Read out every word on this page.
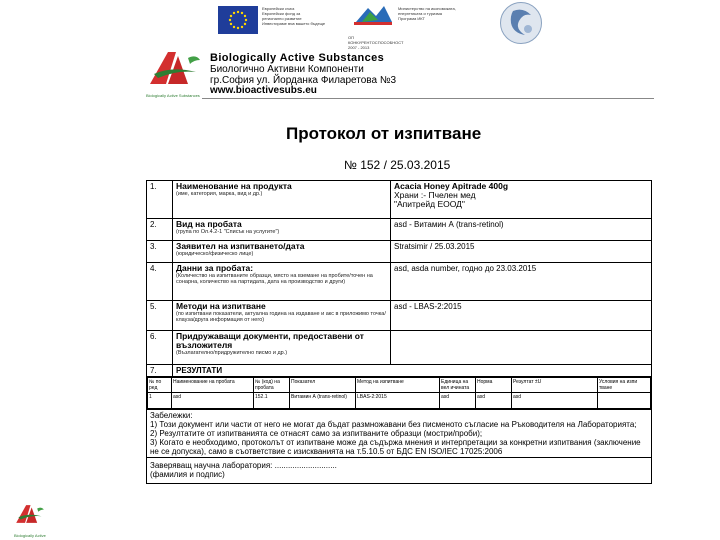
Европейски съюз
Европейски фонд за
регионално развитие
Инвестираме във вашето бъдеще
ОП КОНКУРЕНТОСПОСОБНОСТ
2007 - 2013
Министерство на икономиката,
енергетиката и туризма
Програма ИКТ
Biologically Active Substances
Biologically Active Substances
Биологично Активни Компоненти
гр.София ул. Йорданка Филаретова №3
www.bioactivesubs.eu
Протокол от изпитване
№ 152 / 25.03.2015
1.	Наименование на продукта
(име, категория, марка, вид и др.)

Acacia Honey Apitrade 400g
Храни :- Пчелен мед
"Апитрейд ЕООД"

2.	Вид на пробата
(група по Ол.4.2-1 "Списък на услугите")
	asd - Витамин А (trans-retinol)
3.	Заявител на изпитването/дата
(юридическо/физическо лице)
	Stratsimir / 25.03.2015
4.	Данни за пробата:
(Количество на изпитваните образци, място на вземане на пробите/точен на сонарна, количество на партидата, дата на производство и други)
	asd, asda number, годно до 23.03.2015
5.	Методи на изпитване
(по изпитвани показатели, актуална година на издаване и акс в приложимо точка/клауза/друга информация от него)
	asd - LBAS-2:2015
6.	Придружаващи документи, предоставени от възложителя
(Възлагателно/придружително писмо и др.)

7.	РЕЗУЛТАТИ

№ по ред	Наименование на пробата	№ (код) на пробата	Показател	Метод на изпитване	Единица на вел ичината	Норма	Резултат ±U	Условия на изпи тване
1	asd	152.1	Витамин А (trans-retinol)	LBAS-2:2015	asd	asd	asd	

Забележки:
1) Този документ или части от него не могат да бъдат размножавани без писменото съгласие на Ръководителя на Лабораторията;
2) Резултатите от изпитванията се отнасят само за изпитваните образци (мостри/проби);
3) Когато е необходимо, протоколът от изпитване може да съдържа мнения и интерпретации за конкретни изпитвания (заключение не се допуска), само в съответствие с изискванията на т.5.10.5 от БДС EN ISO/IEC 17025:2006

Заверяващ научна лаборатория: ............................
(фамилия и подпис)
Biologically Active
